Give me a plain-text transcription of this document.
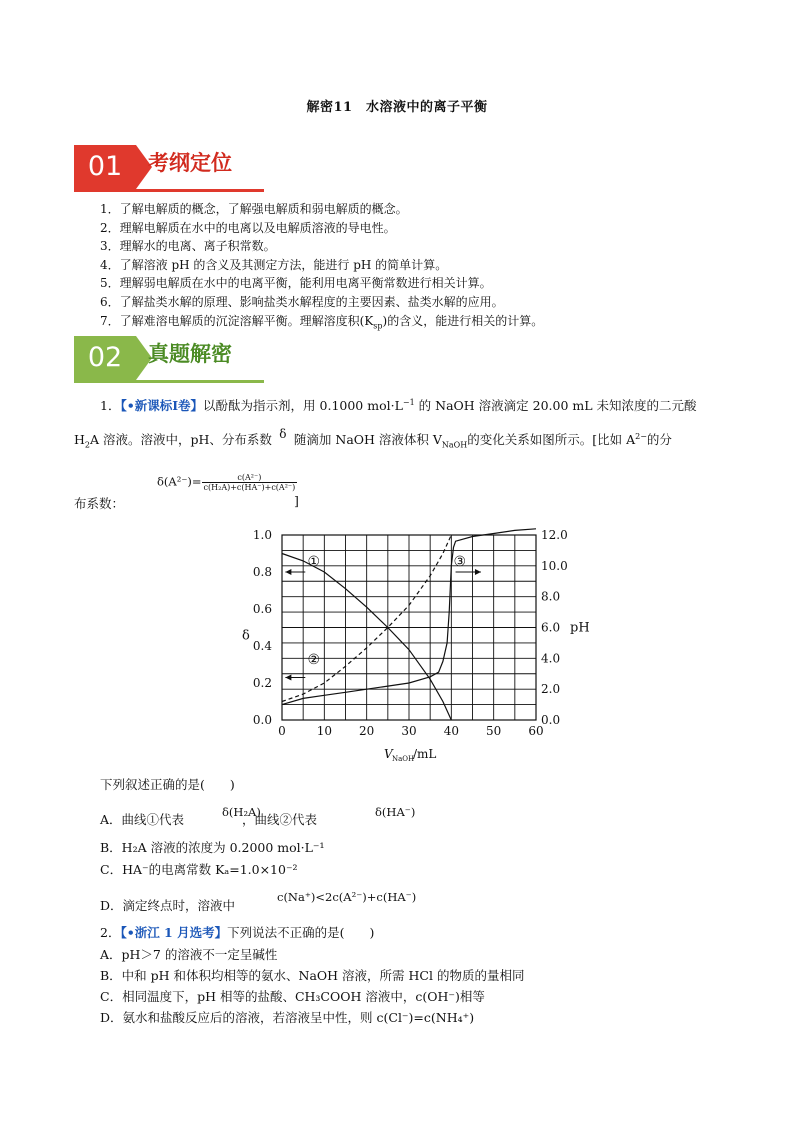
解密11　水溶液中的离子平衡
01	考纲定位
1．了解电解质的概念，了解强电解质和弱电解质的概念。
2．理解电解质在水中的电离以及电解质溶液的导电性。
3．理解水的电离、离子积常数。
4．了解溶液 pH 的含义及其测定方法，能进行 pH 的简单计算。
5．理解弱电解质在水中的电离平衡，能利用电离平衡常数进行相关计算。
6．了解盐类水解的原理、影响盐类水解程度的主要因素、盐类水解的应用。
7．了解难溶电解质的沉淀溶解平衡。理解溶度积$(K_{sp})$的含义，能进行相关的计算。
02	真题解密
1．【•新课标Ⅰ卷】以酚酞为指示剂，用 0.1000 $mol\cdot L^{-1}$ 的 NaOH 溶液滴定 20.00 mL 未知浓度的二元酸
$H_2A$ 溶液。溶液中，pH、分布系数 δ 随滴加 NaOH 溶液体积 $V_{NaOH}$的变化关系如图所示。[比如 $A^{2-}$的分
$\delta(A^{2-})= \frac{\text{c(A²⁻)}}{\text{c(H₂A)+c(HA⁻)+c(A²⁻)}}$
布系数：	]
0	10 20 30 40 50 60
0.0
0.2
0.4
0.6
0.8
1.0
0.0
2.0
4.0
6.0
8.0
10.0
12.0
δ
pH
V NaOH
/mL
①
②
③
下列叙述正确的是(　　)
A．曲线①代表	，曲线②代表
δ(H₂A)	δ(HA⁻)
B．H₂A 溶液的浓度为 0.2000 mol·L⁻¹
C．HA⁻的电离常数 Kₐ=1.0×10⁻²
D．滴定终点时，溶液中
c(Na⁺)<2c(A²⁻)+c(HA⁻)
2．【•浙江 1 月选考】下列说法不正确的是(　　)
A．pH＞7 的溶液不一定呈碱性
B．中和 pH 和体积均相等的氨水、NaOH 溶液，所需 HCl 的物质的量相同
C．相同温度下，pH 相等的盐酸、CH₃COOH 溶液中，c(OH⁻)相等
D．氨水和盐酸反应后的溶液，若溶液呈中性，则 c(Cl⁻)=c(NH₄⁺)
